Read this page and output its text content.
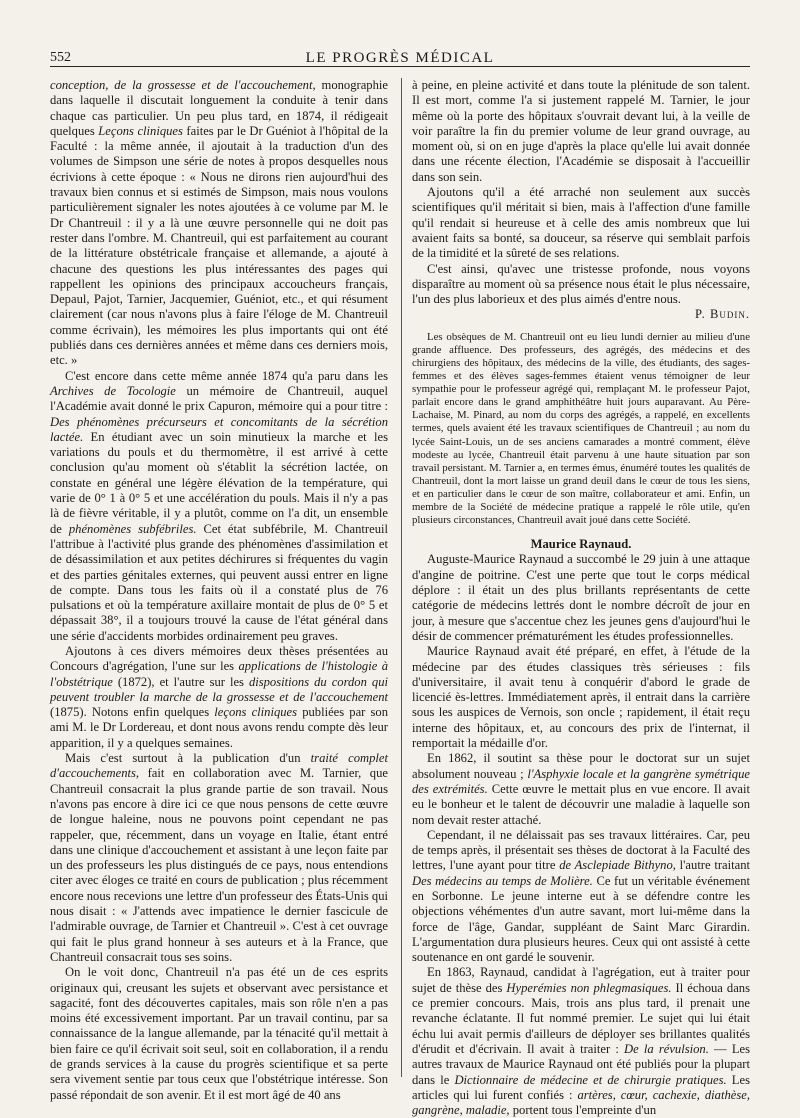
552	LE PROGRÈS MÉDICAL

conception, de la grossesse et de l'accouchement, monographie dans laquelle il discutait longuement la conduite à tenir dans chaque cas particulier. Un peu plus tard, en 1874, il rédigeait quelques Leçons cliniques faites par le Dr Guéniot à l'hôpital de la Faculté : la même année, il ajoutait à la traduction d'un des volumes de Simpson une série de notes à propos desquelles nous écrivions à cette époque : « Nous ne dirons rien aujourd'hui des travaux bien connus et si estimés de Simpson, mais nous voulons particulièrement signaler les notes ajoutées à ce volume par M. le Dr Chantreuil : il y a là une œuvre personnelle qui ne doit pas rester dans l'ombre. M. Chantreuil, qui est parfaitement au courant de la littérature obstétricale française et allemande, a ajouté à chacune des questions les plus intéressantes des pages qui rappellent les opinions des principaux accoucheurs français, Depaul, Pajot, Tarnier, Jacquemier, Guéniot, etc., et qui résument clairement (car nous n'avons plus à faire l'éloge de M. Chantreuil comme écrivain), les mémoires les plus importants qui ont été publiés dans ces dernières années et même dans ces derniers mois, etc. »

C'est encore dans cette même année 1874 qu'a paru dans les Archives de Tocologie un mémoire de Chantreuil, auquel l'Académie avait donné le prix Capuron, mémoire qui a pour titre : Des phénomènes précurseurs et concomitants de la sécrétion lactée. En étudiant avec un soin minutieux la marche et les variations du pouls et du thermomètre, il est arrivé à cette conclusion qu'au moment où s'établit la sécrétion lactée, on constate en général une légère élévation de la température, qui varie de 0° 1 à 0° 5 et une accélération du pouls. Mais il n'y a pas là de fièvre véritable, il y a plutôt, comme on l'a dit, un ensemble de phénomènes subfébriles. Cet état subfébrile, M. Chantreuil l'attribue à l'activité plus grande des phénomènes d'assimilation et de désassimilation et aux petites déchirures si fréquentes du vagin et des parties génitales externes, qui peuvent aussi entrer en ligne de compte. Dans tous les faits où il a constaté plus de 76 pulsations et où la température axillaire montait de plus de 0° 5 et dépassait 38°, il a toujours trouvé la cause de l'état général dans une série d'accidents morbides ordinairement peu graves.

Ajoutons à ces divers mémoires deux thèses présentées au Concours d'agrégation, l'une sur les applications de l'histologie à l'obstétrique (1872), et l'autre sur les dispositions du cordon qui peuvent troubler la marche de la grossesse et de l'accouchement (1875). Notons enfin quelques leçons cliniques publiées par son ami M. le Dr Lordereau, et dont nous avons rendu compte dès leur apparition, il y a quelques semaines.

Mais c'est surtout à la publication d'un traité complet d'accouchements, fait en collaboration avec M. Tarnier, que Chantreuil consacrait la plus grande partie de son travail. Nous n'avons pas encore à dire ici ce que nous pensons de cette œuvre de longue haleine, nous ne pouvons point cependant ne pas rappeler, que, récemment, dans un voyage en Italie, étant entré dans une clinique d'accouchement et assistant à une leçon faite par un des professeurs les plus distingués de ce pays, nous entendions citer avec éloges ce traité en cours de publication ; plus récemment encore nous recevions une lettre d'un professeur des États-Unis qui nous disait : « J'attends avec impatience le dernier fascicule de l'admirable ouvrage, de Tarnier et Chantreuil ». C'est à cet ouvrage qui fait le plus grand honneur à ses auteurs et à la France, que Chantreuil consacrait tous ses soins.

On le voit donc, Chantreuil n'a pas été un de ces esprits originaux qui, creusant les sujets et observant avec persistance et sagacité, font des découvertes capitales, mais son rôle n'en a pas moins été excessivement important. Par un travail continu, par sa connaissance de la langue allemande, par la ténacité qu'il mettait à bien faire ce qu'il écrivait soit seul, soit en collaboration, il a rendu de grands services à la cause du progrès scientifique et sa perte sera vivement sentie par tous ceux que l'obstétrique intéresse. Son passé répondait de son avenir. Et il est mort âgé de 40 ans

à peine, en pleine activité et dans toute la plénitude de son talent. Il est mort, comme l'a si justement rappelé M. Tarnier, le jour même où la porte des hôpitaux s'ouvrait devant lui, à la veille de voir paraître la fin du premier volume de leur grand ouvrage, au moment où, si on en juge d'après la place qu'elle lui avait donnée dans une récente élection, l'Académie se disposait à l'accueillir dans son sein.

Ajoutons qu'il a été arraché non seulement aux succès scientifiques qu'il méritait si bien, mais à l'affection d'une famille qu'il rendait si heureuse et à celle des amis nombreux que lui avaient faits sa bonté, sa douceur, sa réserve qui semblait parfois de la timidité et la sûreté de ses relations.

C'est ainsi, qu'avec une tristesse profonde, nous voyons disparaître au moment où sa présence nous était le plus nécessaire, l'un des plus laborieux et des plus aimés d'entre nous.

P. Budin.

Les obsèques de M. Chantreuil ont eu lieu lundi dernier au milieu d'une grande affluence. Des professeurs, des agrégés, des médecins et des chirurgiens des hôpitaux, des médecins de la ville, des étudiants, des sages-femmes et des élèves sages-femmes étaient venus témoigner de leur sympathie pour le professeur agrégé qui, remplaçant M. le professeur Pajot, parlait encore dans le grand amphithéâtre huit jours auparavant. Au Père-Lachaise, M. Pinard, au nom du corps des agrégés, a rappelé, en excellents termes, quels avaient été les travaux scientifiques de Chantreuil ; au nom du lycée Saint-Louis, un de ses anciens camarades a montré comment, élève modeste au lycée, Chantreuil était parvenu à une haute situation par son travail persistant. M. Tarnier a, en termes émus, énuméré toutes les qualités de Chantreuil, dont la mort laisse un grand deuil dans le cœur de tous les siens, et en particulier dans le cœur de son maître, collaborateur et ami. Enfin, un membre de la Société de médecine pratique a rappelé le rôle utile, qu'en plusieurs circonstances, Chantreuil avait joué dans cette Société.

Maurice Raynaud.

Auguste-Maurice Raynaud a succombé le 29 juin à une attaque d'angine de poitrine. C'est une perte que tout le corps médical déplore : il était un des plus brillants représentants de cette catégorie de médecins lettrés dont le nombre décroît de jour en jour, à mesure que s'accentue chez les jeunes gens d'aujourd'hui le désir de commencer prématurément les études professionnelles.

Maurice Raynaud avait été préparé, en effet, à l'étude de la médecine par des études classiques très sérieuses : fils d'universitaire, il avait tenu à conquérir d'abord le grade de licencié ès-lettres. Immédiatement après, il entrait dans la carrière sous les auspices de Vernois, son oncle ; rapidement, il était reçu interne des hôpitaux, et, au concours des prix de l'internat, il remportait la médaille d'or.

En 1862, il soutint sa thèse pour le doctorat sur un sujet absolument nouveau ; l'Asphyxie locale et la gangrène symétrique des extrémités. Cette œuvre le mettait plus en vue encore. Il avait eu le bonheur et le talent de découvrir une maladie à laquelle son nom devait rester attaché.

Cependant, il ne délaissait pas ses travaux littéraires. Car, peu de temps après, il présentait ses thèses de doctorat à la Faculté des lettres, l'une ayant pour titre de Asclepiade Bithyno, l'autre traitant Des médecins au temps de Molière. Ce fut un véritable événement en Sorbonne. Le jeune interne eut à se défendre contre les objections véhémentes d'un autre savant, mort lui-même dans la force de l'âge, Gandar, suppléant de Saint Marc Girardin. L'argumentation dura plusieurs heures. Ceux qui ont assisté à cette soutenance en ont gardé le souvenir.

En 1863, Raynaud, candidat à l'agrégation, eut à traiter pour sujet de thèse des Hyperémies non phlegmasiques. Il échoua dans ce premier concours. Mais, trois ans plus tard, il prenait une revanche éclatante. Il fut nommé premier. Le sujet qui lui était échu lui avait permis d'ailleurs de déployer ses brillantes qualités d'érudit et d'écrivain. Il avait à traiter : De la révulsion. — Les autres travaux de Maurice Raynaud ont été publiés pour la plupart dans le Dictionnaire de médecine et de chirurgie pratiques. Les articles qui lui furent confiés : artères, cœur, cachexie, diathèse, gangrène, maladie, portent tous l'empreinte d'un
